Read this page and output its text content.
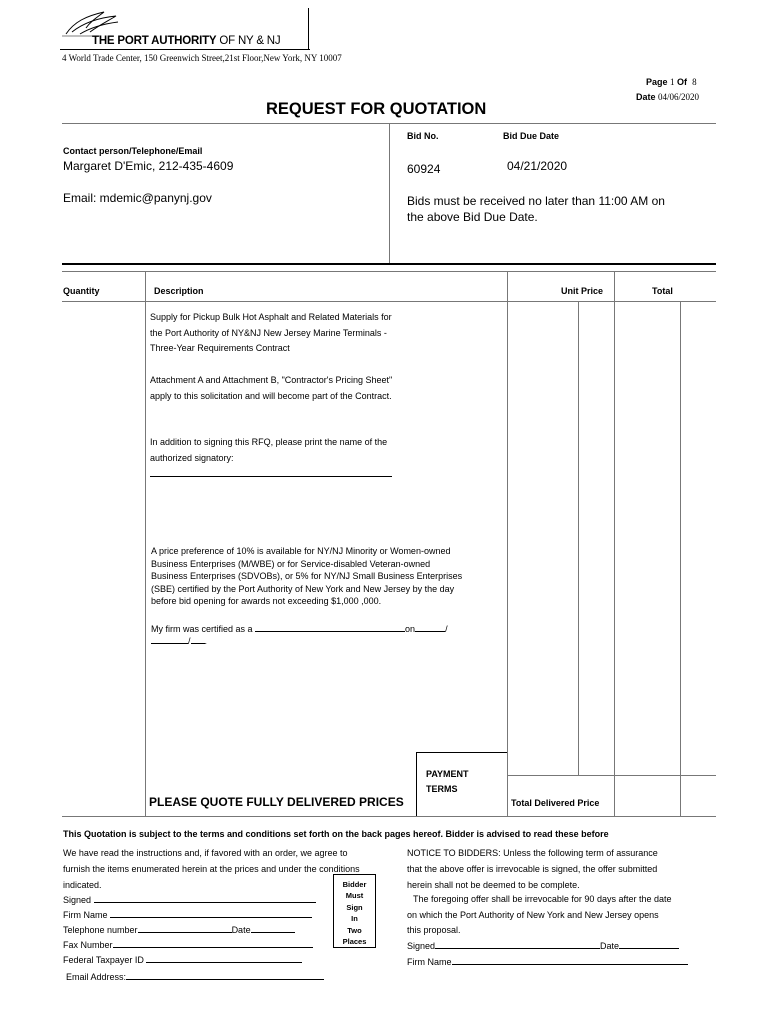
THE PORT AUTHORITY OF NY & NJ
4 World Trade Center, 150 Greenwich Street,21st Floor,New York, NY 10007
Page 1 Of 8
Date 04/06/2020
REQUEST FOR QUOTATION
Bid No.	Bid Due Date
Contact person/Telephone/Email
Margaret D'Emic, 212-435-4609
Email: mdemic@panynj.gov
60924	04/21/2020
Bids must be received no later than 11:00 AM on
the above Bid Due Date.
Quantity	Description	Unit Price	Total

Supply for Pickup Bulk Hot Asphalt and Related Materials for

the Port Authority of NY&NJ New Jersey Marine Terminals -

Three-Year Requirements Contract

Attachment A and Attachment B, "Contractor's Pricing Sheet"

apply to this solicitation and will become part of the Contract.

In addition to signing this RFQ, please print the name of the

authorized signatory:

A price preference of 10% is available for NY/NJ Minority or Women-owned

Business Enterprises (M/WBE) or for Service-disabled Veteran-owned

Business Enterprises (SDVOBs), or 5% for NY/NJ Small Business Enterprises

(SBE) certified by the Port Authority of New York and New Jersey by the day

before bid opening for awards not exceeding $1,000 ,000.

My firm was certified as a	on	/
/ .
PAYMENT
TERMS
PLEASE QUOTE FULLY DELIVERED PRICES	Total Delivered Price
This Quotation is subject to the terms and conditions set forth on the back pages hereof. Bidder is advised to read these before
We have read the instructions and, if favored with an order, we agree to
furnish the items enumerated herein at the prices and under the conditions
indicated.
Signed
Firm Name
Telephone number	Date
Fax Number
Federal Taxpayer ID
Email Address:
Bidder
Must
Sign
In
Two
Places
NOTICE TO BIDDERS: Unless the following term of assurance
that the above offer is irrevocable is signed, the offer submitted
herein shall not be deemed to be complete.
The foregoing offer shall be irrevocable for 90 days after the date
on which the Port Authority of New York and New Jersey opens
this proposal.
Signed	Date
Firm Name
